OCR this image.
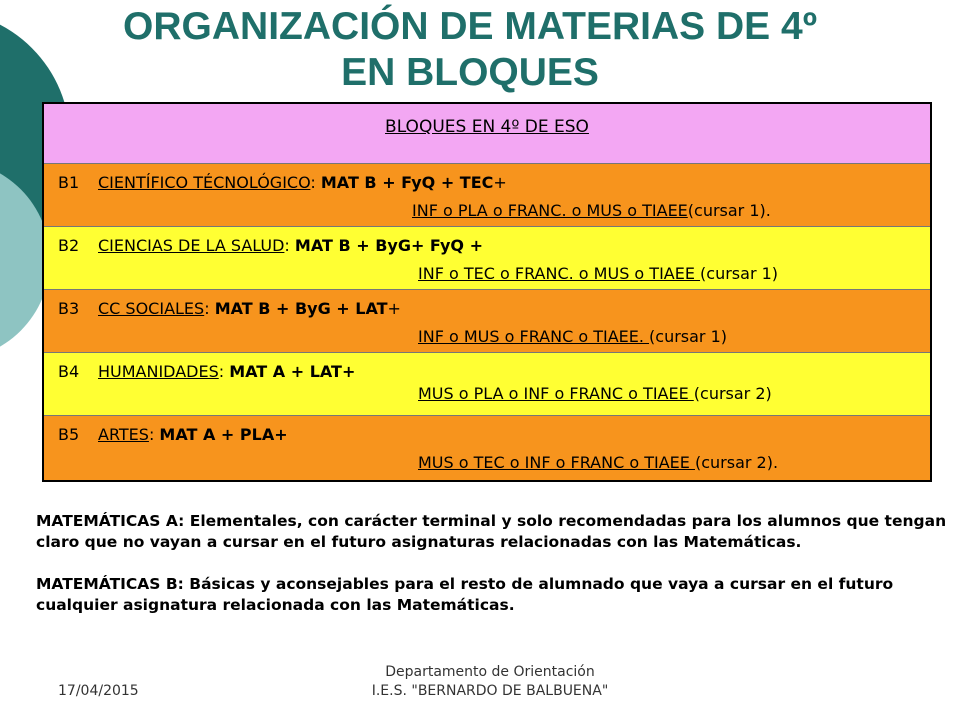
ORGANIZACIÓN DE MATERIAS DE 4º
EN BLOQUES
BLOQUES EN 4º DE ESO
B1 CIENTÍFICO TÉCNOLÓGICO: MAT B + FyQ + TEC+
INF o PLA o FRANC. o MUS o TIAEE(cursar 1).
B2 CIENCIAS DE LA SALUD: MAT B + ByG+ FyQ +
INF o TEC o FRANC. o MUS o TIAEE (cursar 1)
B3 CC SOCIALES: MAT B + ByG + LAT+
INF o MUS o FRANC o TIAEE. (cursar 1)
B4 HUMANIDADES: MAT A + LAT+
MUS o PLA o INF o FRANC o TIAEE (cursar 2)
B5 ARTES: MAT A + PLA+
MUS o TEC o INF o FRANC o TIAEE (cursar 2).

MATEMÁTICAS A: Elementales, con carácter terminal y solo recomendadas para los alumnos que tengan claro que no vayan a cursar en el futuro asignaturas relacionadas con las Matemáticas.

MATEMÁTICAS B: Básicas y aconsejables para el resto de alumnado que vaya a cursar en el futuro cualquier asignatura relacionada con las Matemáticas.

17/04/2015
Departamento de Orientación
I.E.S. "BERNARDO DE BALBUENA"
